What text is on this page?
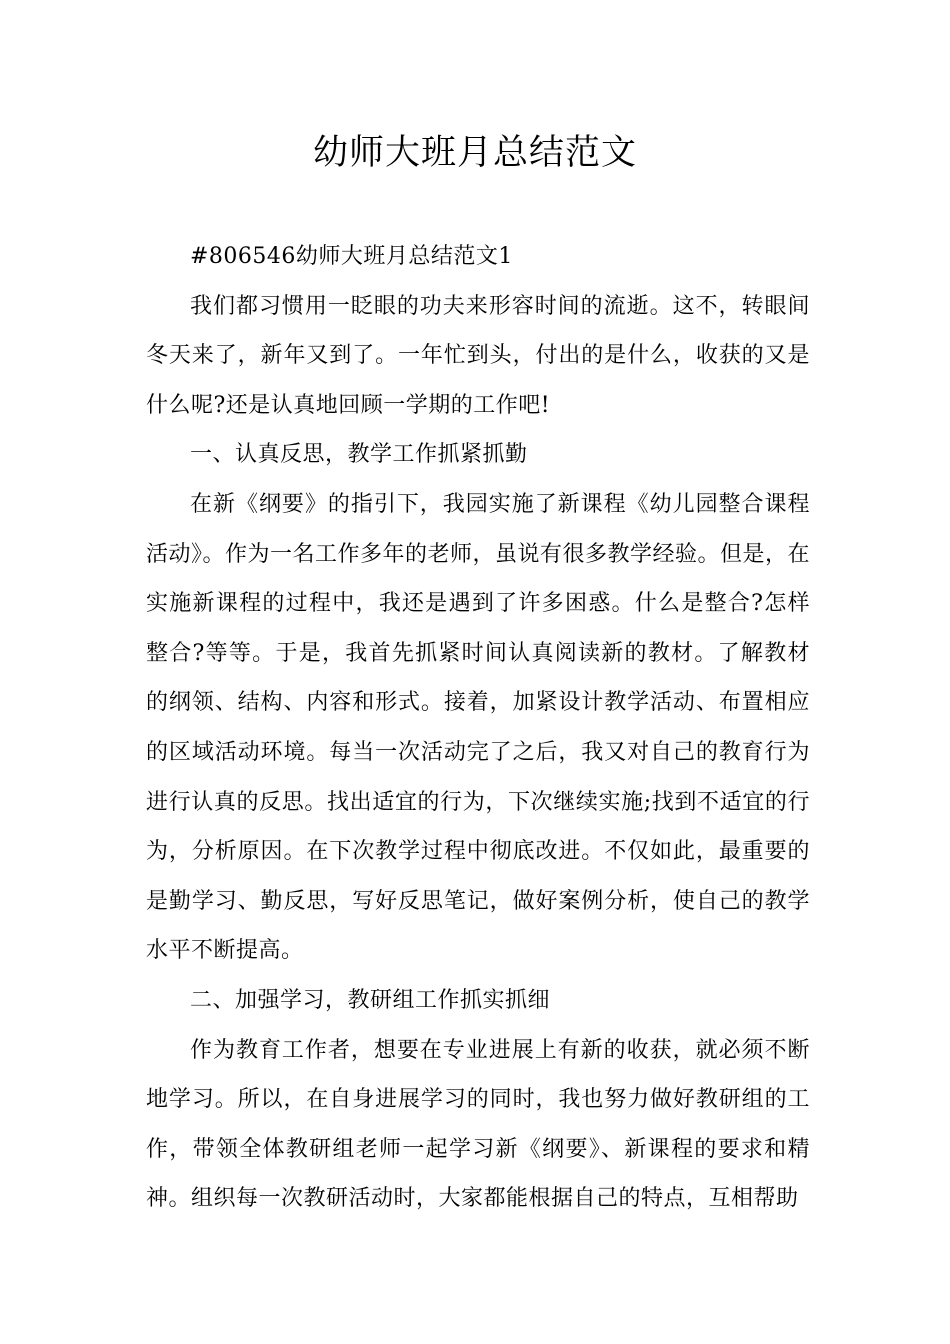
幼师大班月总结范文

#806546幼师大班月总结范文1

我们都习惯用一眨眼的功夫来形容时间的流逝。这不，转眼间冬天来了，新年又到了。一年忙到头，付出的是什么，收获的又是什么呢?还是认真地回顾一学期的工作吧!

一、认真反思，教学工作抓紧抓勤

在新《纲要》的指引下，我园实施了新课程《幼儿园整合课程活动》。作为一名工作多年的老师，虽说有很多教学经验。但是，在实施新课程的过程中，我还是遇到了许多困惑。什么是整合?怎样整合?等等。于是，我首先抓紧时间认真阅读新的教材。了解教材的纲领、结构、内容和形式。接着，加紧设计教学活动、布置相应的区域活动环境。每当一次活动完了之后，我又对自己的教育行为进行认真的反思。找出适宜的行为，下次继续实施;找到不适宜的行为，分析原因。在下次教学过程中彻底改进。不仅如此，最重要的是勤学习、勤反思，写好反思笔记，做好案例分析，使自己的教学水平不断提高。

二、加强学习，教研组工作抓实抓细

作为教育工作者，想要在专业进展上有新的收获，就必须不断地学习。所以，在自身进展学习的同时，我也努力做好教研组的工作，带领全体教研组老师一起学习新《纲要》、新课程的要求和精神。组织每一次教研活动时，大家都能根据自己的特点，互相帮助
